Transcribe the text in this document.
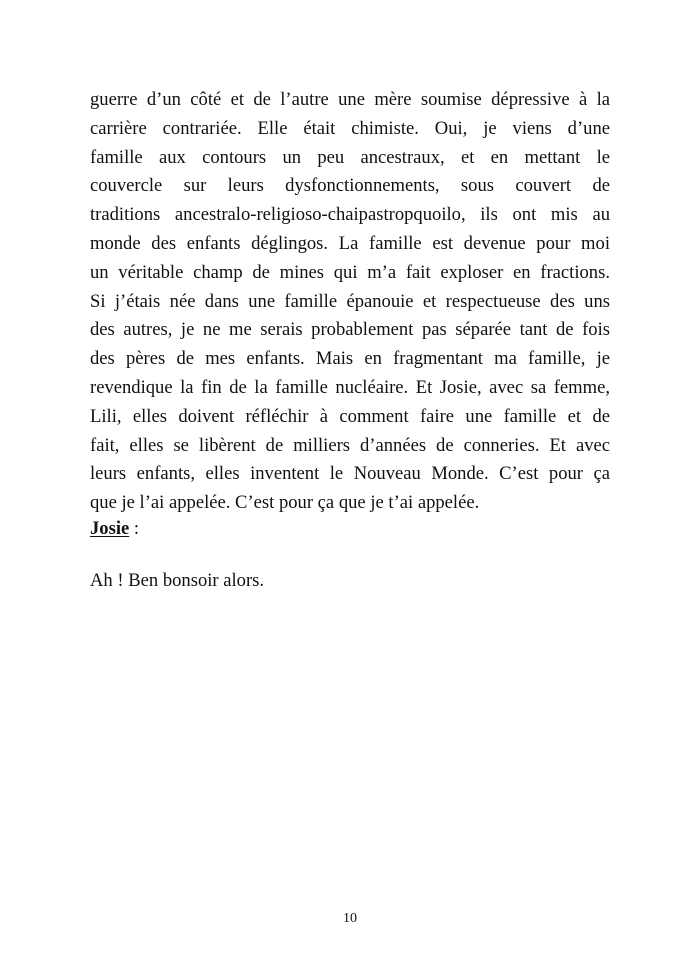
guerre d’un côté et de l’autre une mère soumise dépressive à la
carrière contrariée. Elle était chimiste. Oui, je viens d’une
famille aux contours un peu ancestraux, et en mettant le
couvercle sur leurs dysfonctionnements, sous couvert de
traditions ancestralo-religioso-chaipastropquoilo, ils ont mis au
monde des enfants déglingos. La famille est devenue pour moi
un véritable champ de mines qui m’a fait exploser en fractions.
Si j’étais née dans une famille épanouie et respectueuse des uns
des autres, je ne me serais probablement pas séparée tant de fois
des pères de mes enfants. Mais en fragmentant ma famille, je
revendique la fin de la famille nucléaire. Et Josie, avec sa femme,
Lili, elles doivent réfléchir à comment faire une famille et de
fait, elles se libèrent de milliers d’années de conneries. Et avec
leurs enfants, elles inventent le Nouveau Monde. C’est pour ça
que je l’ai appelée. C’est pour ça que je t’ai appelée.

Josie :

Ah ! Ben bonsoir alors.

10
